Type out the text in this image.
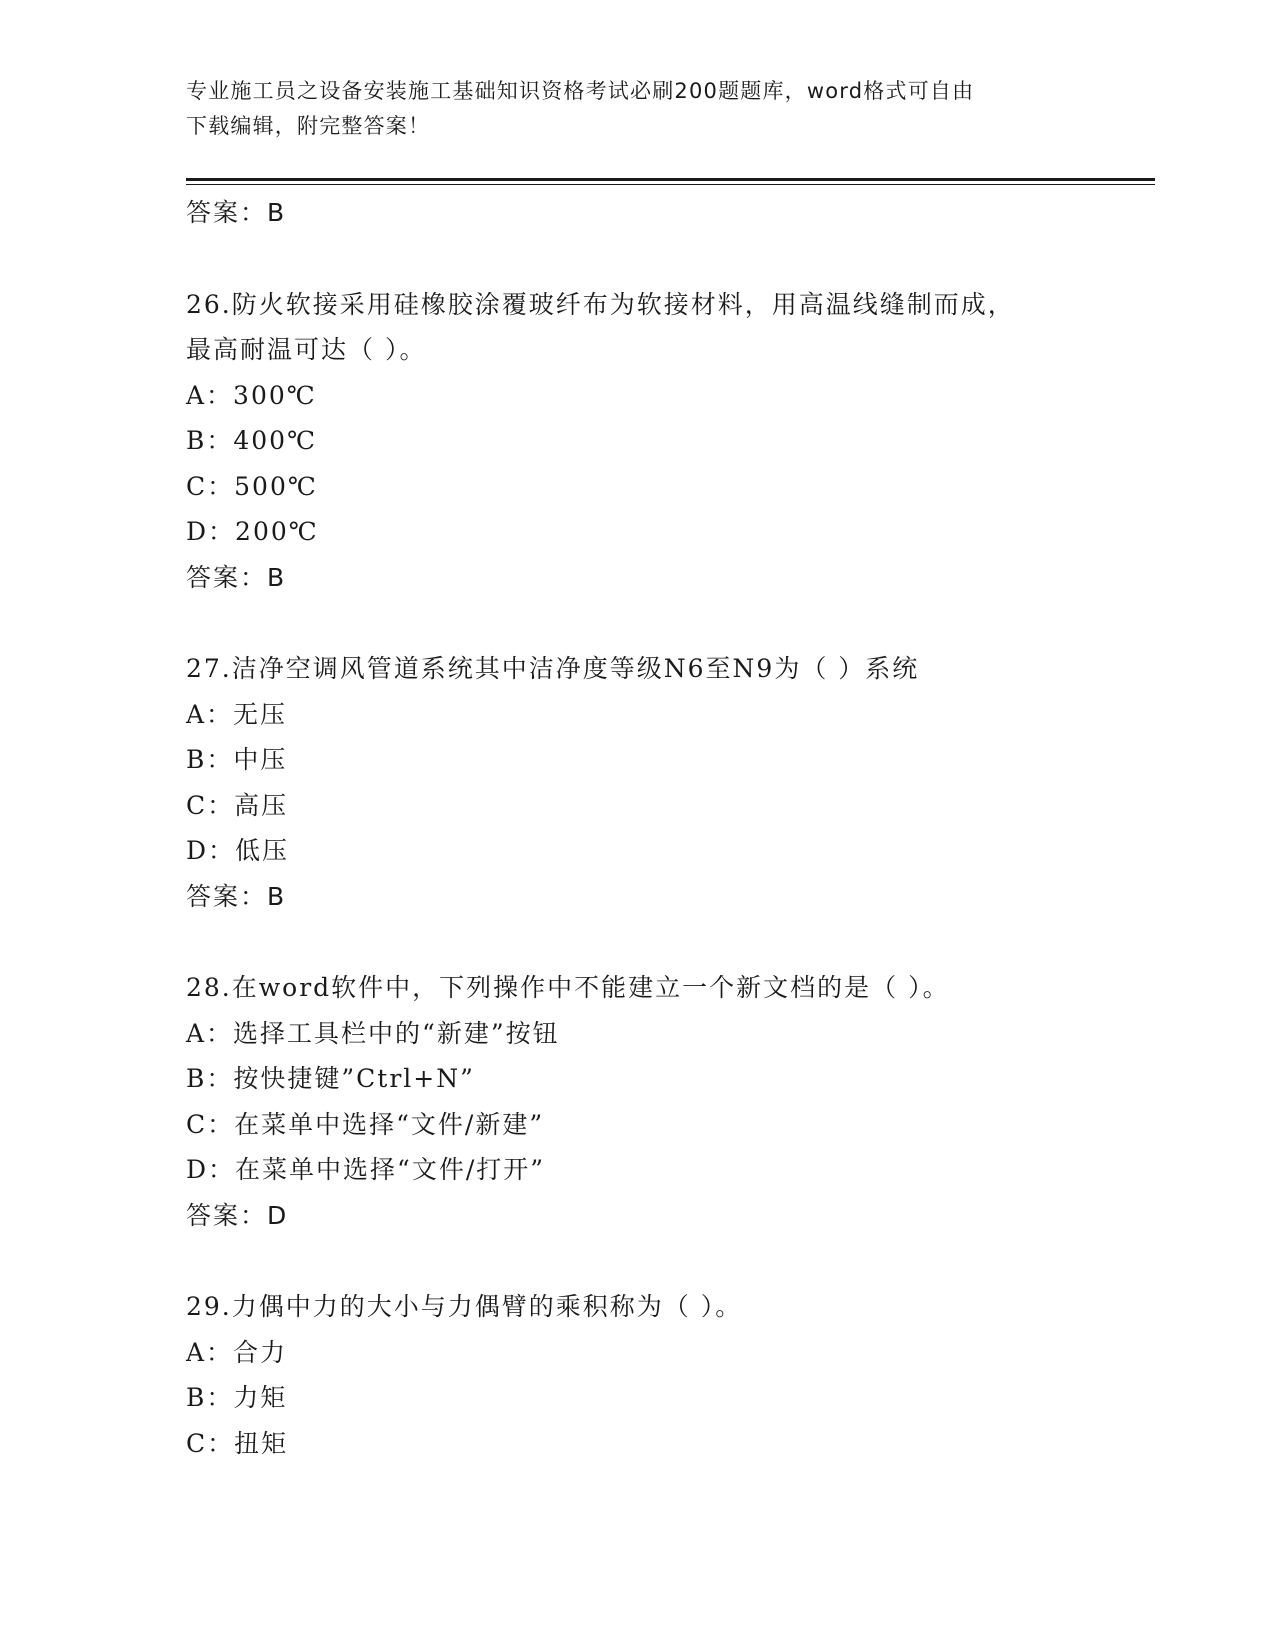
专业施工员之设备安装施工基础知识资格考试必刷200题题库，word格式可自由
下载编辑，附完整答案！
答案：B
26.防火软接采用硅橡胶涂覆玻纤布为软接材料，用高温线缝制而成，
最高耐温可达（ ）。
A：300℃
B：400℃
C：500℃
D：200℃
答案：B
27.洁净空调风管道系统其中洁净度等级N6至N9为（ ）系统
A：无压
B：中压
C：高压
D：低压
答案：B
28.在word软件中，下列操作中不能建立一个新文档的是（ ）。
A：选择工具栏中的“新建”按钮
B：按快捷键”Ctrl+N”
C：在菜单中选择“文件/新建”
D：在菜单中选择“文件/打开”
答案：D
29.力偶中力的大小与力偶臂的乘积称为（ ）。
A：合力
B：力矩
C：扭矩
